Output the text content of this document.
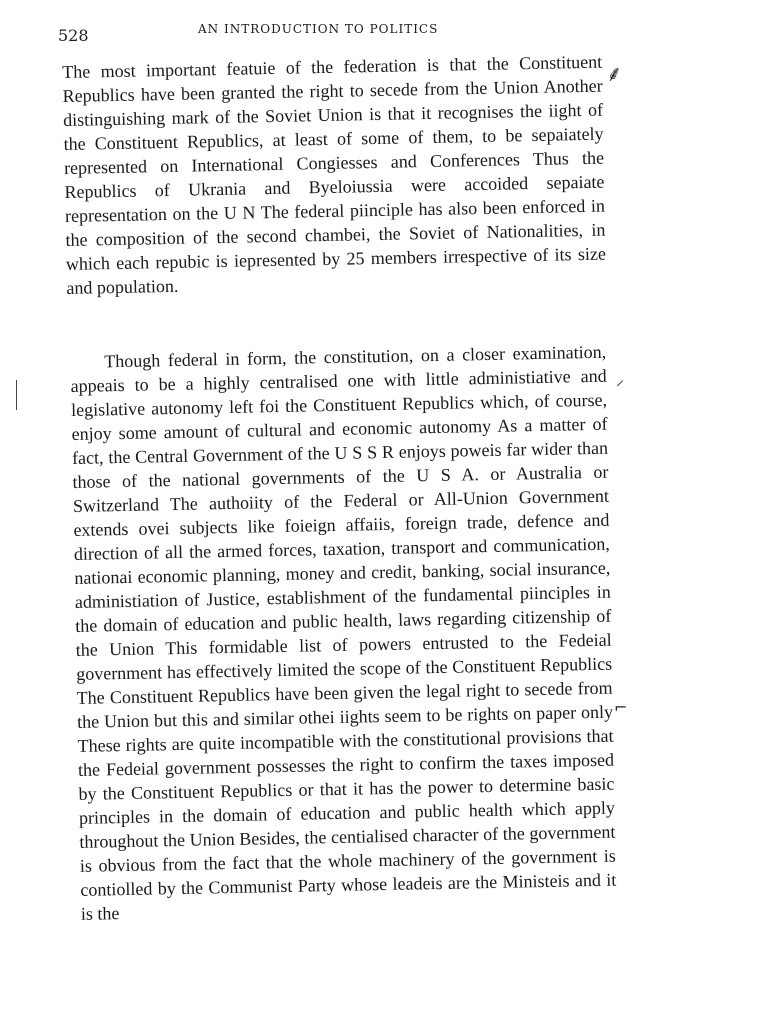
528	AN INTRODUCTION TO POLITICS

The most important featuie of the federation is that the Constituent Republics have been granted the right to secede from the Union Another distinguishing mark of the Soviet Union is that it recognises the iight of the Constituent Republics, at least of some of them, to be sepaiately represented on International Congiesses and Conferences Thus the Republics of Ukrania and Byeloiussia were accoided sepaiate representation on the U N The federal piinciple has also been enforced in the composition of the second chambei, the Soviet of Nationalities, in which each repubic is iepresented by 25 members irrespective of its size and population.

Though federal in form, the constitution, on a closer examination, appeais to be a highly centralised one with little administiative and legislative autonomy left foi the Constituent Republics which, of course, enjoy some amount of cultural and economic autonomy As a matter of fact, the Central Government of the U S S R enjoys poweis far wider than those of the national governments of the U S A. or Australia or Switzerland The authoiity of the Federal or All-Union Government extends ovei subjects like foieign affaiis, foreign trade, defence and direction of all the armed forces, taxation, transport and communication, nationai economic planning, money and credit, banking, social insurance, administiation of Justice, establishment of the fundamental piinciples in the domain of education and public health, laws regarding citizenship of the Union This formidable list of powers entrusted to the Fedeial government has effectively limited the scope of the Constituent Republics The Constituent Republics have been given the legal right to secede from the Union but this and similar othei iights seem to be rights on paper only These rights are quite incompatible with the constitutional provisions that the Fedeial government possesses the right to confirm the taxes imposed by the Constituent Republics or that it has the power to determine basic principles in the domain of education and public health which apply throughout the Union Besides, the centialised character of the government is obvious from the fact that the whole machinery of the government is contiolled by the Communist Party whose leadeis are the Ministeis and it is the

⸙
⸝
⌐
